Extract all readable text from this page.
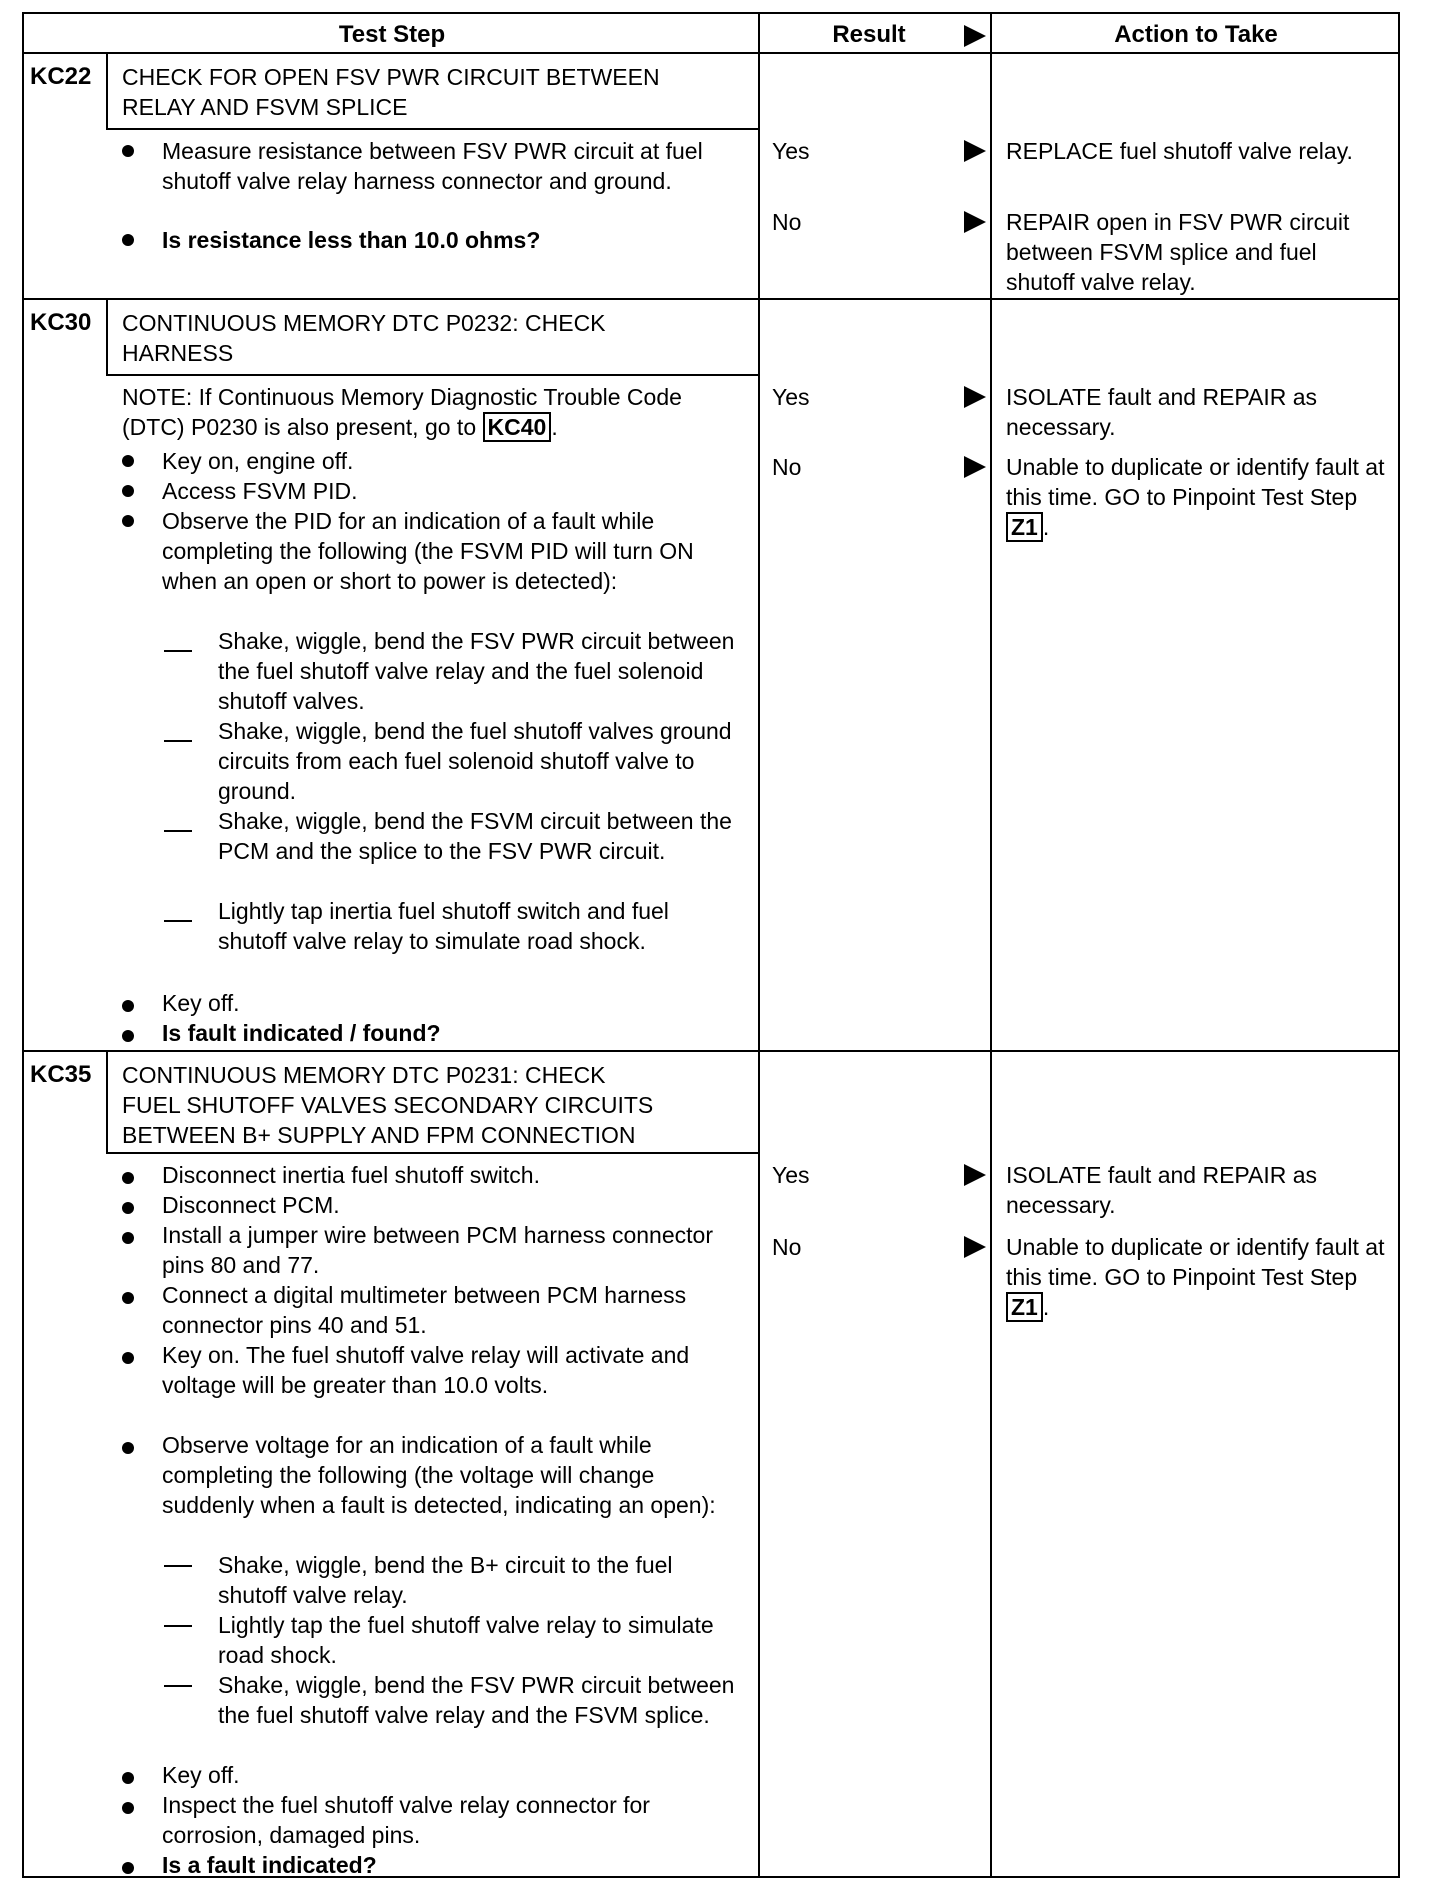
Test Step	Result	Action to Take
KC22 CHECK FOR OPEN FSV PWR CIRCUIT BETWEEN
RELAY AND FSVM SPLICE
Measure resistance between FSV PWR circuit at fuel shutoff valve relay harness connector and ground.
Is resistance less than 10.0 ohms?
Yes	REPLACE fuel shutoff valve relay.
No	REPAIR open in FSV PWR circuit between FSVM splice and fuel shutoff valve relay.
KC30 CONTINUOUS MEMORY DTC P0232: CHECK
HARNESS
NOTE: If Continuous Memory Diagnostic Trouble Code (DTC) P0230 is also present, go to KC40 .
Key on, engine off.
Access FSVM PID.
Observe the PID for an indication of a fault while completing the following (the FSVM PID will turn ON when an open or short to power is detected):
Shake, wiggle, bend the FSV PWR circuit between the fuel shutoff valve relay and the fuel solenoid shutoff valves.
Shake, wiggle, bend the fuel shutoff valves ground circuits from each fuel solenoid shutoff valve to ground.
Shake, wiggle, bend the FSVM circuit between the PCM and the splice to the FSV PWR circuit.
Lightly tap inertia fuel shutoff switch and fuel shutoff valve relay to simulate road shock.
Key off.
Is fault indicated / found?
Yes	ISOLATE fault and REPAIR as necessary.
No	Unable to duplicate or identify fault at this time. GO to Pinpoint Test Step Z1 .
KC35 CONTINUOUS MEMORY DTC P0231: CHECK
FUEL SHUTOFF VALVES SECONDARY CIRCUITS
BETWEEN B+ SUPPLY AND FPM CONNECTION
Disconnect inertia fuel shutoff switch.
Disconnect PCM.
Install a jumper wire between PCM harness connector pins 80 and 77.
Connect a digital multimeter between PCM harness connector pins 40 and 51.
Key on. The fuel shutoff valve relay will activate and voltage will be greater than 10.0 volts.
Observe voltage for an indication of a fault while completing the following (the voltage will change suddenly when a fault is detected, indicating an open):
Shake, wiggle, bend the B+ circuit to the fuel shutoff valve relay.
Lightly tap the fuel shutoff valve relay to simulate road shock.
Shake, wiggle, bend the FSV PWR circuit between the fuel shutoff valve relay and the FSVM splice.
Key off.
Inspect the fuel shutoff valve relay connector for corrosion, damaged pins.
Is a fault indicated?
Yes	ISOLATE fault and REPAIR as necessary.
No	Unable to duplicate or identify fault at this time. GO to Pinpoint Test Step Z1 .
